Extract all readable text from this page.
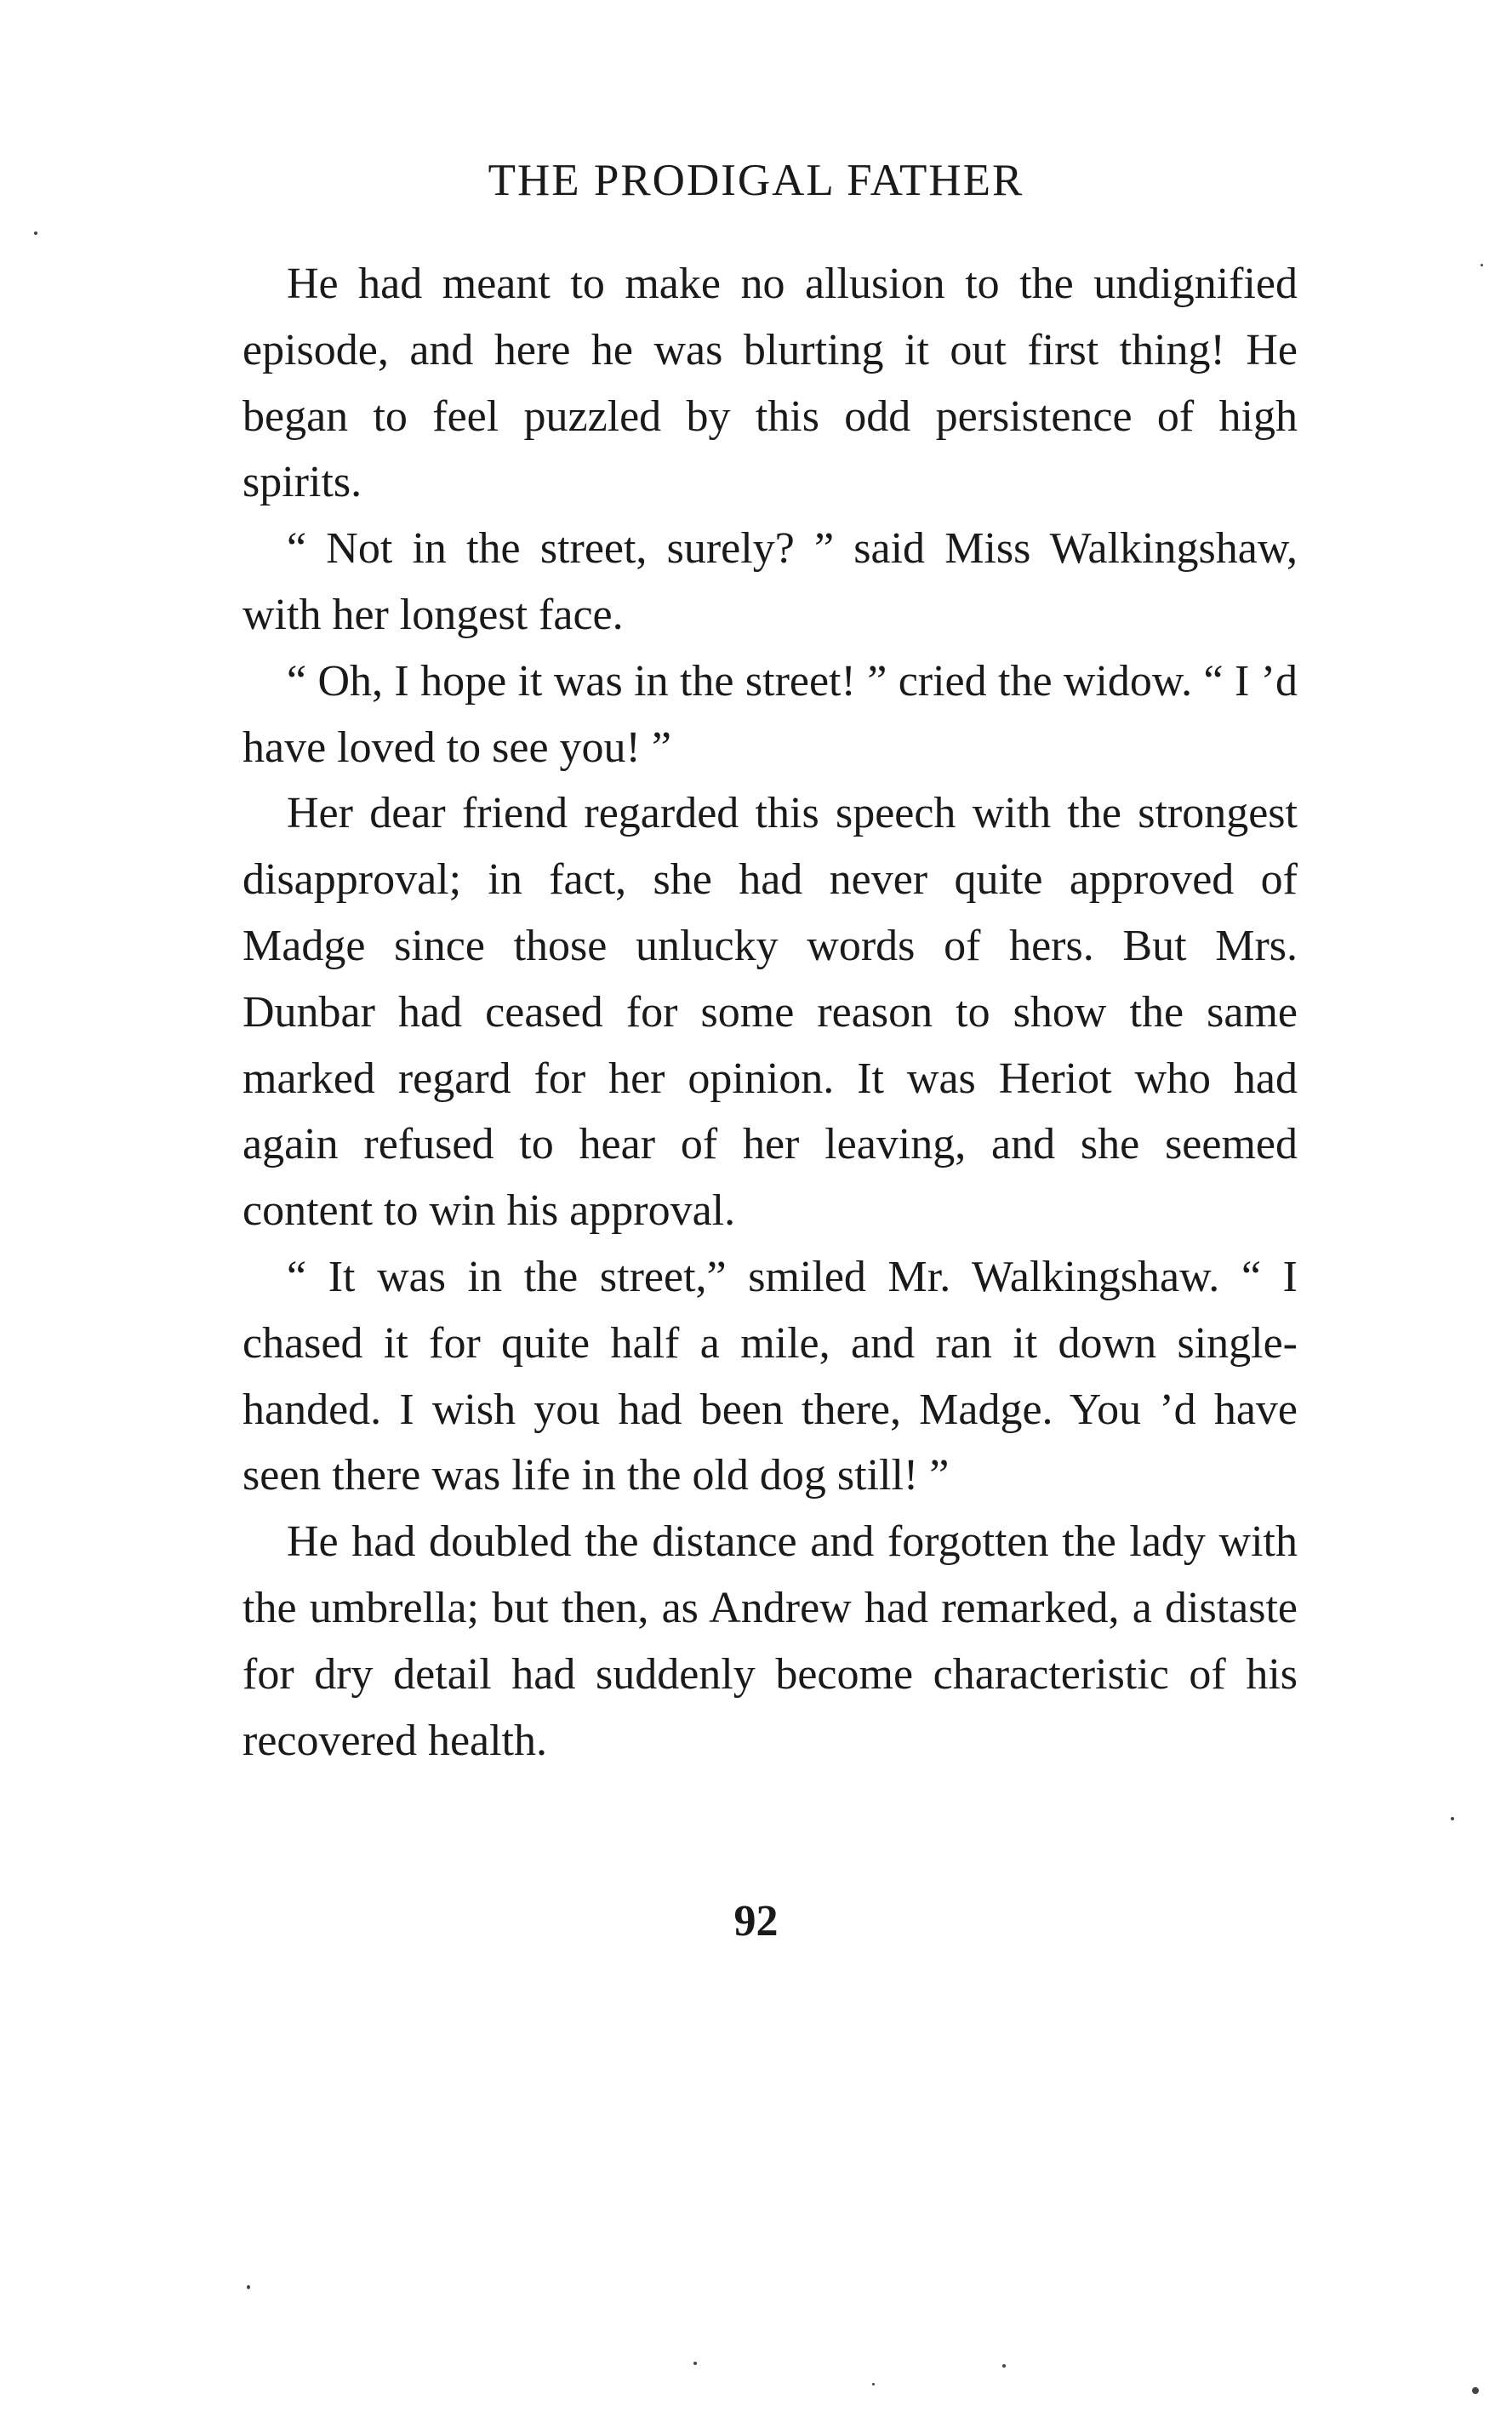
THE PRODIGAL FATHER

He had meant to make no allusion to the undignified episode, and here he was blurting it out first thing! He began to feel puzzled by this odd persistence of high spirits.

“ Not in the street, surely? ” said Miss Walkingshaw, with her longest face.

“ Oh, I hope it was in the street! ” cried the widow. “ I ’d have loved to see you! ”

Her dear friend regarded this speech with the strongest disapproval; in fact, she had never quite approved of Madge since those unlucky words of hers. But Mrs. Dunbar had ceased for some reason to show the same marked regard for her opinion. It was Heriot who had again refused to hear of her leaving, and she seemed content to win his approval.

“ It was in the street,” smiled Mr. Walkingshaw. “ I chased it for quite half a mile, and ran it down single-handed. I wish you had been there, Madge. You ’d have seen there was life in the old dog still! ”

He had doubled the distance and forgotten the lady with the umbrella; but then, as Andrew had remarked, a distaste for dry detail had suddenly become characteristic of his recovered health.

92
